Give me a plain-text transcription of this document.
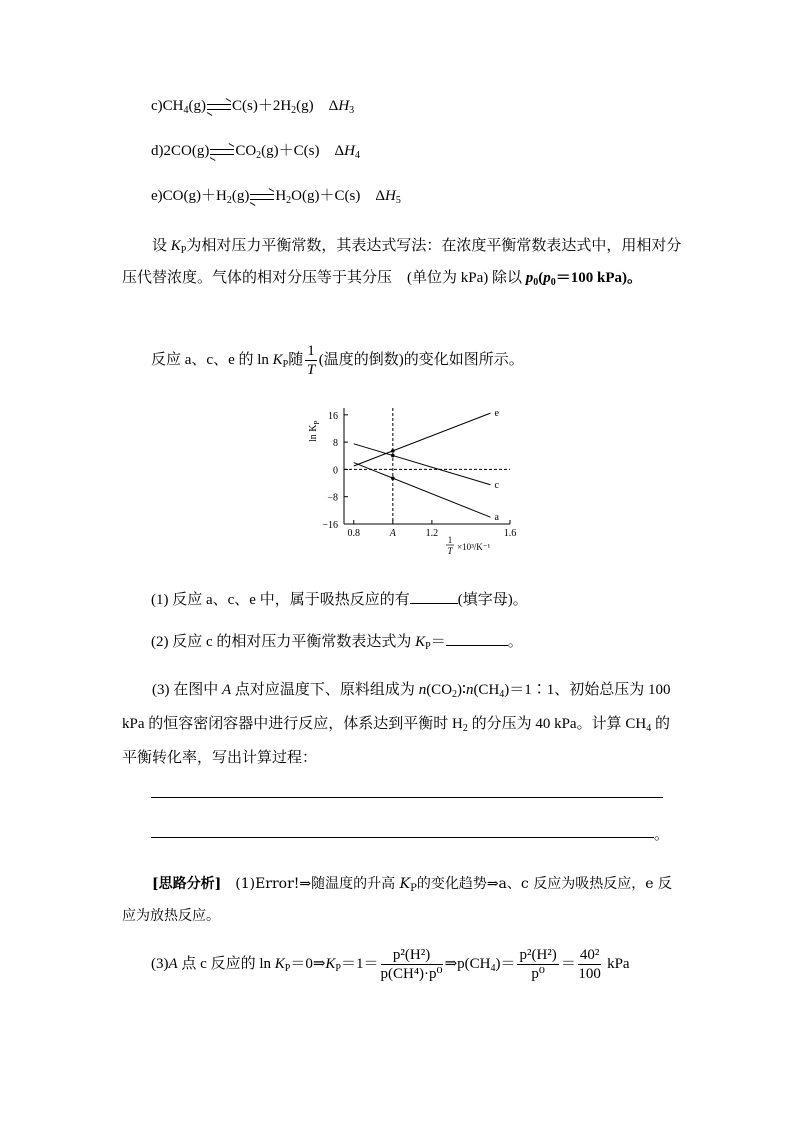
$c)CH_4(g)$ $C(s)+2H_2(g)$　$\Delta H_3$
d)2CO(g) $CO_2(g)+C(s)$　$\Delta H_4$
$e)CO(g)+H_2(g)$ $H_2O(g)+C(s)$　$\Delta H_5$
设 $K_P$为相对压力平衡常数，其表达式写法：在浓度平衡常数表达式中，用相对分压代替浓度。气体的相对分压等于其分压　(单位为 kPa) 除以 $p_0(p_0=100$ kPa)。
反应 a、c、e 的 $\ln K_P$随 $\frac{1}{T}$ (温度的倒数)的变化如图所示。
16
8
0
−8
−16
0.8	A	1.2	1.6
$\ln K_P$
1
T ×10³/K⁻¹
e
c
a
(1) 反应 a、c、e 中，属于吸热反应的有	(填字母)。
(2) 反应 c 的相对压力平衡常数表达式为 $K_P=$	。
(3) 在图中 A 点对应温度下、原料组成为 $n(CO_2)∶n(CH_4)=1∶1$、初始总压为 100 kPa 的恒容密闭容器中进行反应，体系达到平衡时 $H_2$ 的分压为 40 kPa。计算 $CH_4$ 的平衡转化率，写出计算过程：
。
[思路分析]　(1)Error!⇒随温度的升高 $K_P$的变化趋势⇒a、c 反应为吸热反应，e 反应为放热反应。
(3)A 点 c 反应的 $\ln K_P=0\Rightarrow K_P=1= \frac{\text{p²(H²)}}{\text{p(CH⁴)·p⁰}}$ $\Rightarrow p(CH_4)= \frac{\text{p²(H²)}}{\text{p⁰}} = \frac{\text{40²}}{100}$ kPa
